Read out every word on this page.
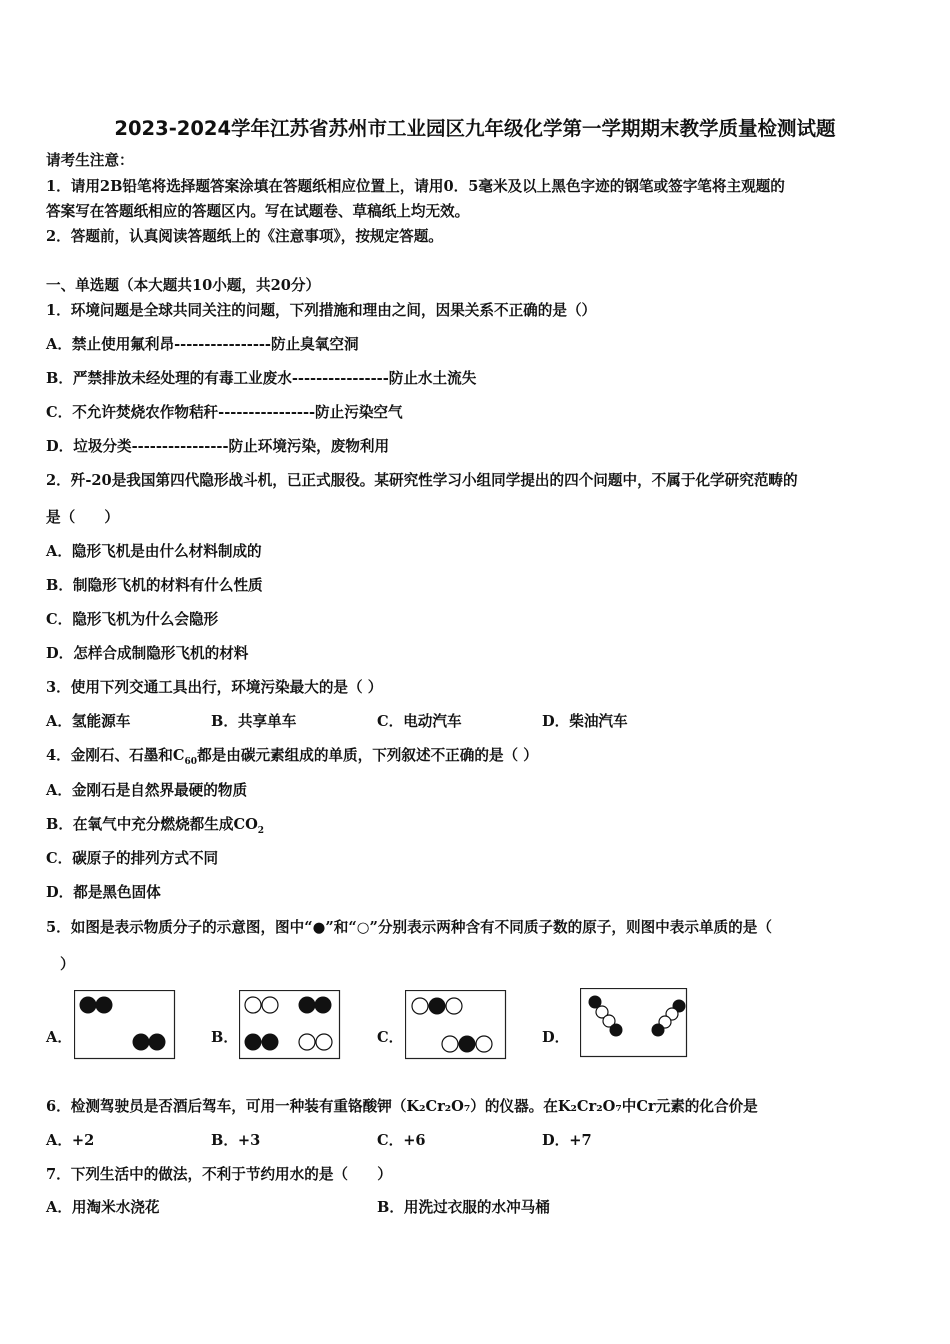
2023-2024学年江苏省苏州市工业园区九年级化学第一学期期末教学质量检测试题
请考生注意：
1．请用2B铅笔将选择题答案涂填在答题纸相应位置上，请用0．5毫米及以上黑色字迹的钢笔或签字笔将主观题的
答案写在答题纸相应的答题区内。写在试题卷、草稿纸上均无效。
2．答题前，认真阅读答题纸上的《注意事项》，按规定答题。
一、单选题（本大题共10小题，共20分）
1．环境问题是全球共同关注的问题，下列措施和理由之间，因果关系不正确的是（）
A．禁止使用氟利昂----------------防止臭氧空洞
B．严禁排放未经处理的有毒工业废水----------------防止水土流失
C．不允许焚烧农作物秸秆----------------防止污染空气
D．垃圾分类----------------防止环境污染，废物利用
2．歼-20是我国第四代隐形战斗机，已正式服役。某研究性学习小组同学提出的四个问题中，不属于化学研究范畴的
是（　　）
A．隐形飞机是由什么材料制成的
B．制隐形飞机的材料有什么性质
C．隐形飞机为什么会隐形
D．怎样合成制隐形飞机的材料
3．使用下列交通工具出行，环境污染最大的是（ ）
A．氢能源车	B．共享单车	C．电动汽车	D．柴油汽车
4．金刚石、石墨和$C_{60}$都是由碳元素组成的单质，下列叙述不正确的是（ ）
A．金刚石是自然界最硬的物质
B．在氧气中充分燃烧都生成$CO_2$
C．碳原子的排列方式不同
D．都是黑色固体
5．如图是表示物质分子的示意图，图中“●”和“○”分别表示两种含有不同质子数的原子，则图中表示单质的是（
）
A．	B．	C．	D．
6．检测驾驶员是否酒后驾车，可用一种装有重铬酸钾（K₂Cr₂O₇）的仪器。在K₂Cr₂O₇中Cr元素的化合价是
A．+2	B．+3	C．+6	D．+7
7．下列生活中的做法，不利于节约用水的是（　　）
A．用淘米水浇花	B．用洗过衣服的水冲马桶
